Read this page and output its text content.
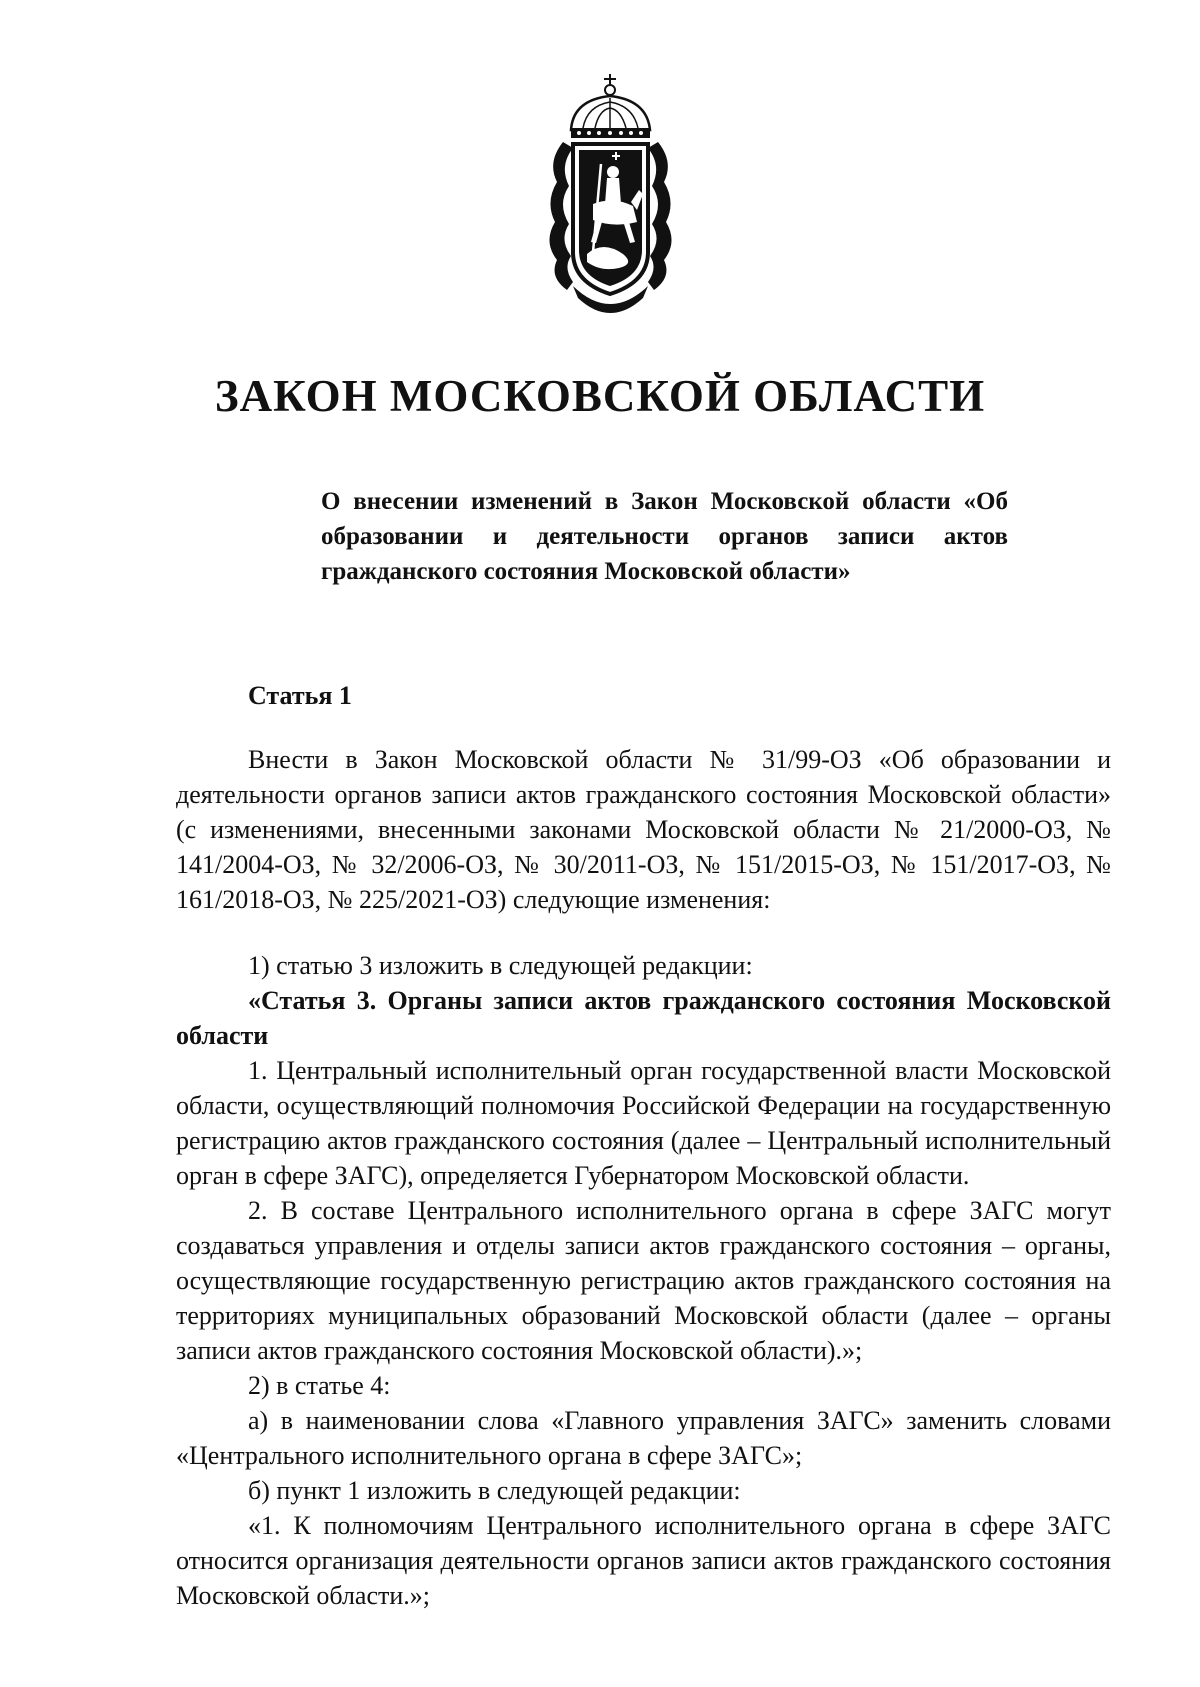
ЗАКОН МОСКОВСКОЙ ОБЛАСТИ

О внесении изменений в Закон Московской области «Об образовании и деятельности органов записи актов гражданского состояния Московской области»

Статья 1

Внести в Закон Московской области № 31/99-ОЗ «Об образовании и деятельности органов записи актов гражданского состояния Московской области» (с изменениями, внесенными законами Московской области № 21/2000-ОЗ, № 141/2004-ОЗ, № 32/2006-ОЗ, № 30/2011-ОЗ, № 151/2015-ОЗ, № 151/2017-ОЗ, № 161/2018-ОЗ, № 225/2021-ОЗ) следующие изменения:

1) статью 3 изложить в следующей редакции:

«Статья 3. Органы записи актов гражданского состояния Московской области

1. Центральный исполнительный орган государственной власти Московской области, осуществляющий полномочия Российской Федерации на государственную регистрацию актов гражданского состояния (далее – Центральный исполнительный орган в сфере ЗАГС), определяется Губернатором Московской области.

2. В составе Центрального исполнительного органа в сфере ЗАГС могут создаваться управления и отделы записи актов гражданского состояния – органы, осуществляющие государственную регистрацию актов гражданского состояния на территориях муниципальных образований Московской области (далее – органы записи актов гражданского состояния Московской области).»;

2) в статье 4:

а) в наименовании слова «Главного управления ЗАГС» заменить словами «Центрального исполнительного органа в сфере ЗАГС»;

б) пункт 1 изложить в следующей редакции:

«1. К полномочиям Центрального исполнительного органа в сфере ЗАГС относится организация деятельности органов записи актов гражданского состояния Московской области.»;
